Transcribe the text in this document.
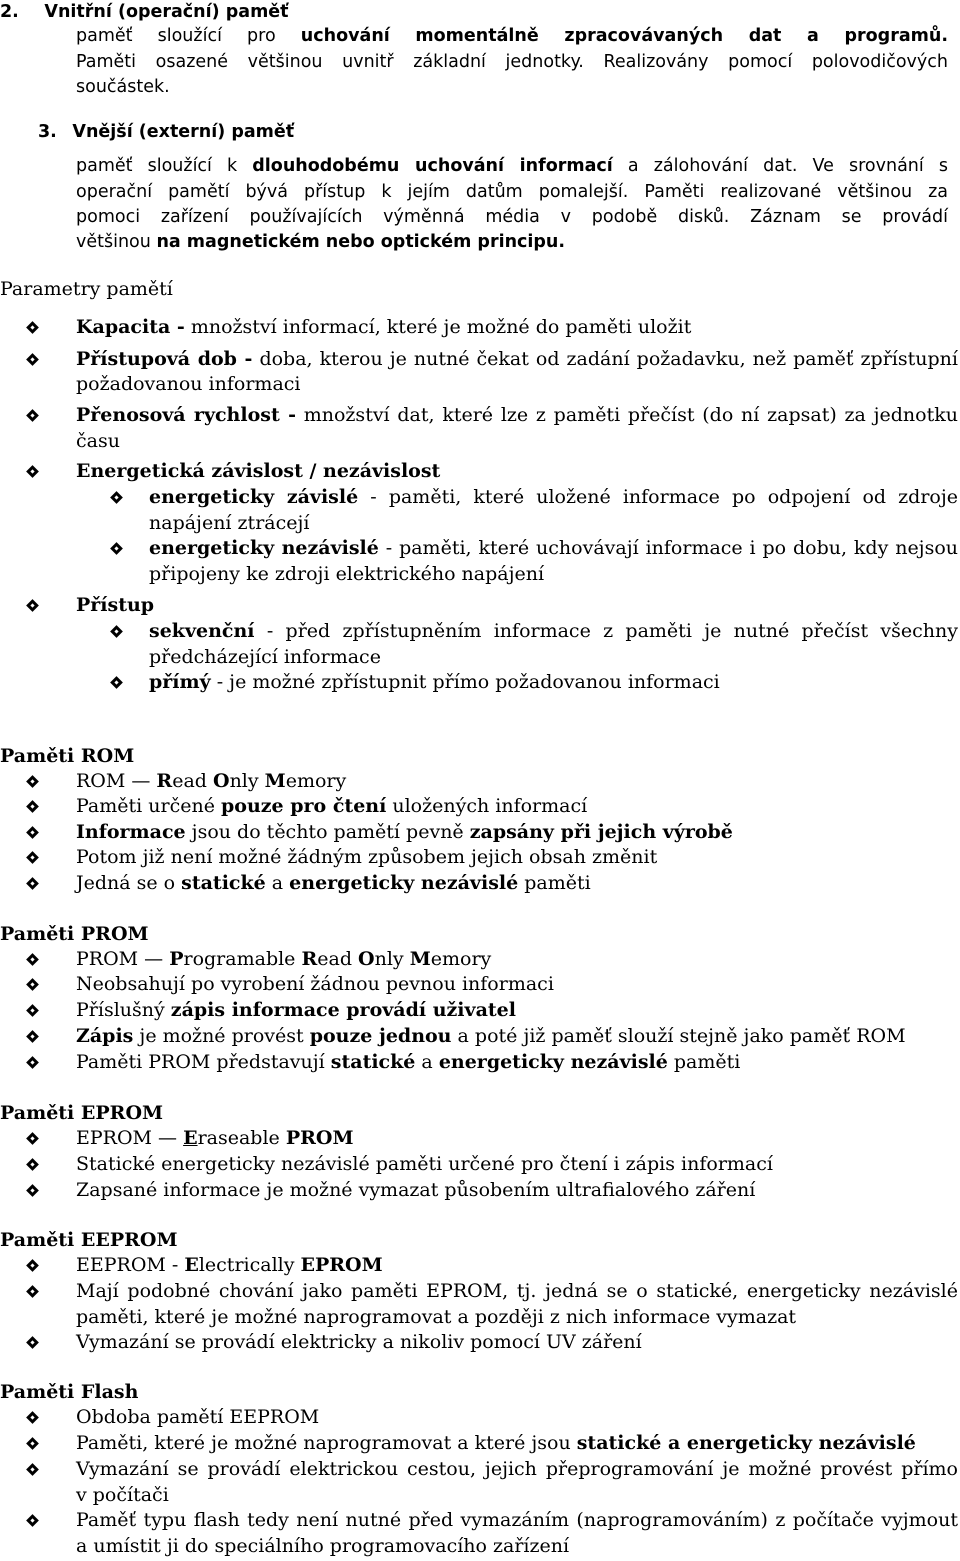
2. Vnitřní (operační) paměť
paměť sloužící pro uchování momentálně zpracovávaných dat a programů.
Paměti osazené většinou uvnitř základní jednotky. Realizovány pomocí polovodičových
součástek.
3. Vnější (externí) paměť
paměť sloužící k dlouhodobému uchování informací a zálohování dat. Ve srovnání s
operační pamětí bývá přístup k jejím datům pomalejší. Paměti realizované většinou za
pomoci zařízení používajících výměnná média v podobě disků. Záznam se provádí
většinou na magnetickém nebo optickém principu.
Parametry pamětí
Kapacita - množství informací, které je možné do paměti uložit
Přístupová dob - doba, kterou je nutné čekat od zadání požadavku, než paměť zpřístupní
požadovanou informaci
Přenosová rychlost - množství dat, které lze z paměti přečíst (do ní zapsat) za jednotku
času
Energetická závislost / nezávislost
energeticky závislé - paměti, které uložené informace po odpojení od zdroje
napájení ztrácejí
energeticky nezávislé - paměti, které uchovávají informace i po dobu, kdy nejsou
připojeny ke zdroji elektrického napájení
Přístup
sekvenční - před zpřístupněním informace z paměti je nutné přečíst všechny
předcházející informace
přímý - je možné zpřístupnit přímo požadovanou informaci
Paměti ROM
ROM — Read Only Memory
Paměti určené pouze pro čtení uložených informací
Informace jsou do těchto pamětí pevně zapsány při jejich výrobě
Potom již není možné žádným způsobem jejich obsah změnit
Jedná se o statické a energeticky nezávislé paměti
Paměti PROM
PROM — Programable Read Only Memory
Neobsahují po vyrobení žádnou pevnou informaci
Příslušný zápis informace provádí uživatel
Zápis je možné provést pouze jednou a poté již paměť slouží stejně jako paměť ROM
Paměti PROM představují statické a energeticky nezávislé paměti
Paměti EPROM
EPROM — Eraseable PROM
Statické energeticky nezávislé paměti určené pro čtení i zápis informací
Zapsané informace je možné vymazat působením ultrafialového záření
Paměti EEPROM
EEPROM - Electrically EPROM
Mají podobné chování jako paměti EPROM, tj. jedná se o statické, energeticky nezávislé
paměti, které je možné naprogramovat a později z nich informace vymazat
Vymazání se provádí elektricky a nikoliv pomocí UV záření
Paměti Flash
Obdoba pamětí EEPROM
Paměti, které je možné naprogramovat a které jsou statické a energeticky nezávislé
Vymazání se provádí elektrickou cestou, jejich přeprogramování je možné provést přímo
v počítači
Paměť typu flash tedy není nutné před vymazáním (naprogramováním) z počítače vyjmout
a umístit ji do speciálního programovacího zařízení
